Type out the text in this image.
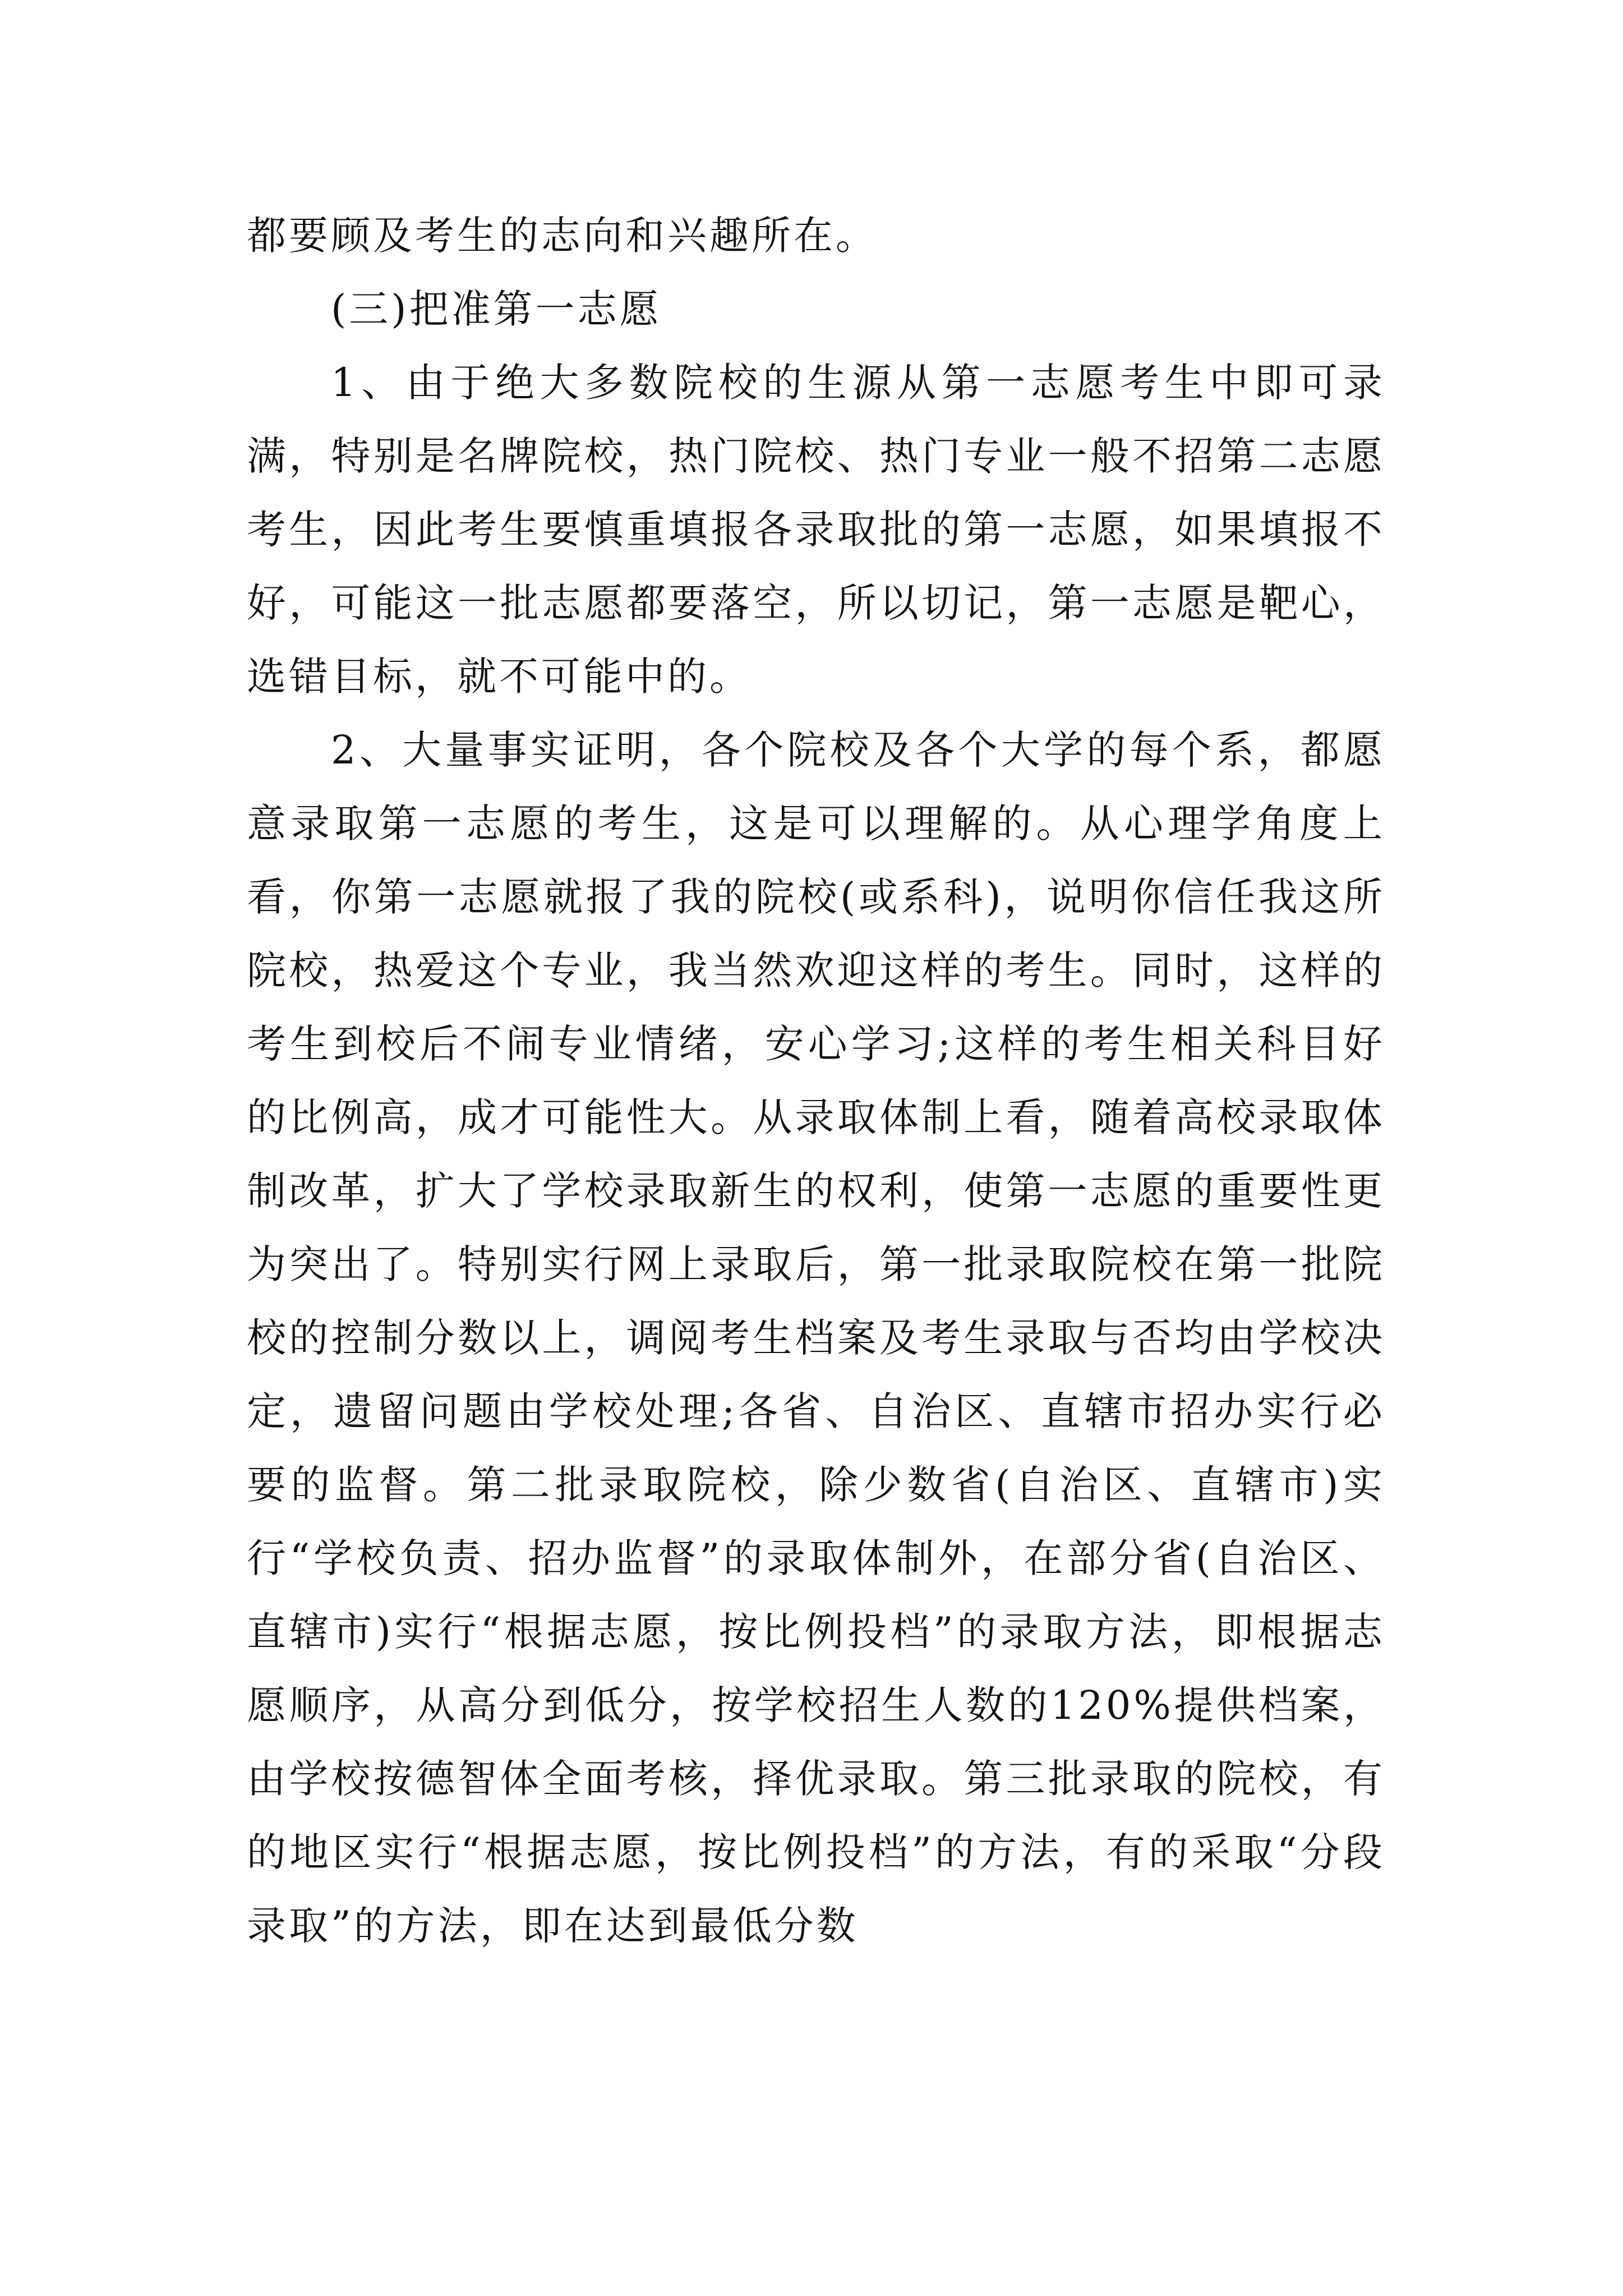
都要顾及考生的志向和兴趣所在。

(三)把准第一志愿

1、由于绝大多数院校的生源从第一志愿考生中即可录满，特别是名牌院校，热门院校、热门专业一般不招第二志愿考生，因此考生要慎重填报各录取批的第一志愿，如果填报不好，可能这一批志愿都要落空，所以切记，第一志愿是靶心，选错目标，就不可能中的。

2、大量事实证明，各个院校及各个大学的每个系，都愿意录取第一志愿的考生，这是可以理解的。从心理学角度上看，你第一志愿就报了我的院校(或系科)，说明你信任我这所院校，热爱这个专业，我当然欢迎这样的考生。同时，这样的考生到校后不闹专业情绪，安心学习;这样的考生相关科目好的比例高，成才可能性大。从录取体制上看，随着高校录取体制改革，扩大了学校录取新生的权利，使第一志愿的重要性更为突出了。特别实行网上录取后，第一批录取院校在第一批院校的控制分数以上，调阅考生档案及考生录取与否均由学校决定，遗留问题由学校处理;各省、自治区、直辖市招办实行必要的监督。第二批录取院校，除少数省(自治区、直辖市)实行“学校负责、招办监督”的录取体制外，在部分省(自治区、直辖市)实行“根据志愿，按比例投档”的录取方法，即根据志愿顺序，从高分到低分，按学校招生人数的120%提供档案，由学校按德智体全面考核，择优录取。第三批录取的院校，有的地区实行“根据志愿，按比例投档”的方法，有的采取“分段录取”的方法，即在达到最低分数
